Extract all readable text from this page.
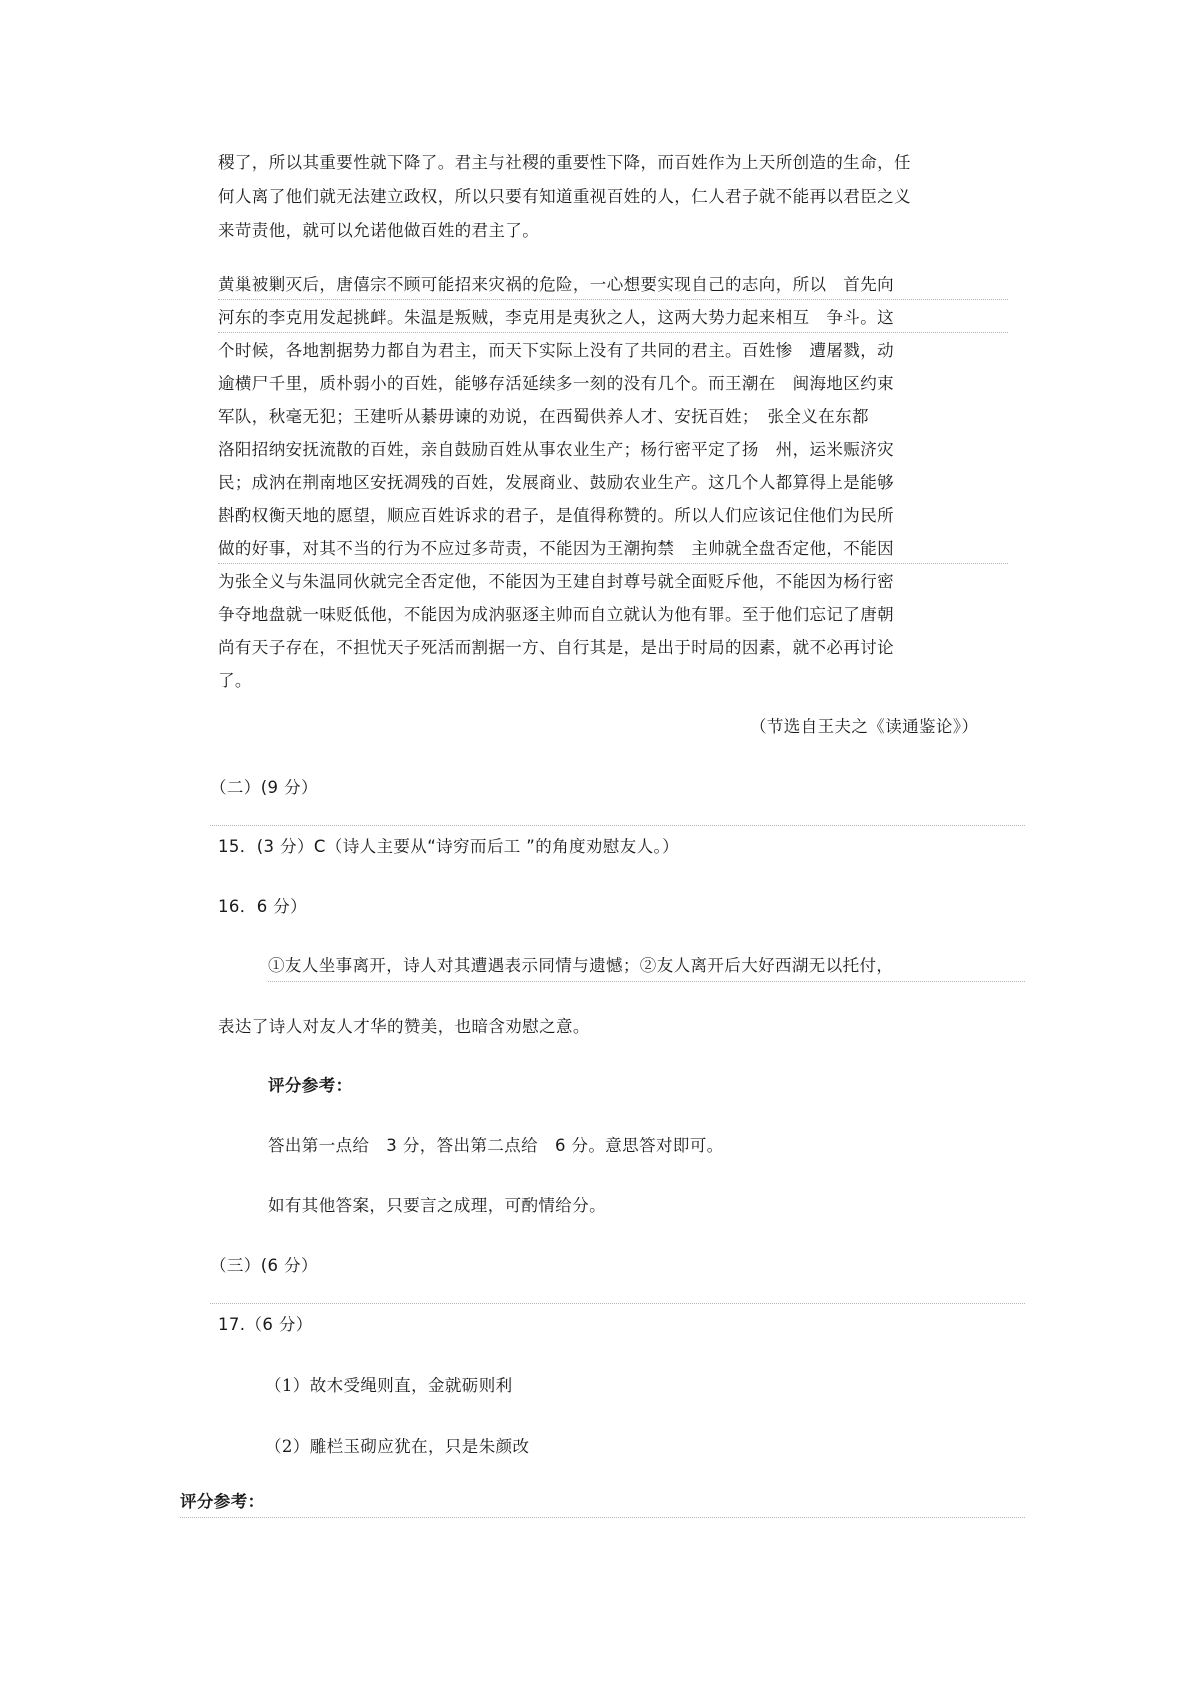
稷了，所以其重要性就下降了。君主与社稷的重要性下降，而百姓作为上天所创造的生命，任
何人离了他们就无法建立政权，所以只要有知道重视百姓的人，仁人君子就不能再以君臣之义
来苛责他，就可以允诺他做百姓的君主了。
黄巢被剿灭后，唐僖宗不顾可能招来灾祸的危险，一心想要实现自己的志向，所以　首先向
河东的李克用发起挑衅。朱温是叛贼，李克用是夷狄之人，这两大势力起来相互　争斗。这
个时候，各地割据势力都自为君主，而天下实际上没有了共同的君主。百姓惨　遭屠戮，动
逾横尸千里，质朴弱小的百姓，能够存活延续多一刻的没有几个。而王潮在　闽海地区约束
军队，秋毫无犯；王建听从綦毋谏的劝说，在西蜀供养人才、安抚百姓；　张全义在东都
洛阳招纳安抚流散的百姓，亲自鼓励百姓从事农业生产；杨行密平定了扬　州，运米赈济灾
民；成汭在荆南地区安抚凋残的百姓，发展商业、鼓励农业生产。这几个人都算得上是能够
斟酌权衡天地的愿望，顺应百姓诉求的君子，是值得称赞的。所以人们应该记住他们为民所
做的好事，对其不当的行为不应过多苛责，不能因为王潮拘禁　主帅就全盘否定他，不能因
为张全义与朱温同伙就完全否定他，不能因为王建自封尊号就全面贬斥他，不能因为杨行密
争夺地盘就一味贬低他，不能因为成汭驱逐主帅而自立就认为他有罪。至于他们忘记了唐朝
尚有天子存在，不担忧天子死活而割据一方、自行其是，是出于时局的因素，就不必再讨论
了。
（节选自王夫之《读通鉴论》）
（二）(9 分）
15．(3 分）C（诗人主要从“诗穷而后工 ”的角度劝慰友人。）
16．6 分）
①友人坐事离开，诗人对其遭遇表示同情与遗憾；②友人离开后大好西湖无以托付，
表达了诗人对友人才华的赞美，也暗含劝慰之意。
评分参考：
答出第一点给　3 分，答出第二点给　6 分。意思答对即可。
如有其他答案，只要言之成理，可酌情给分。
（三）(6 分）
17.（6 分）
（1）故木受绳则直，金就砺则利
（2）雕栏玉砌应犹在，只是朱颜改
评分参考：
